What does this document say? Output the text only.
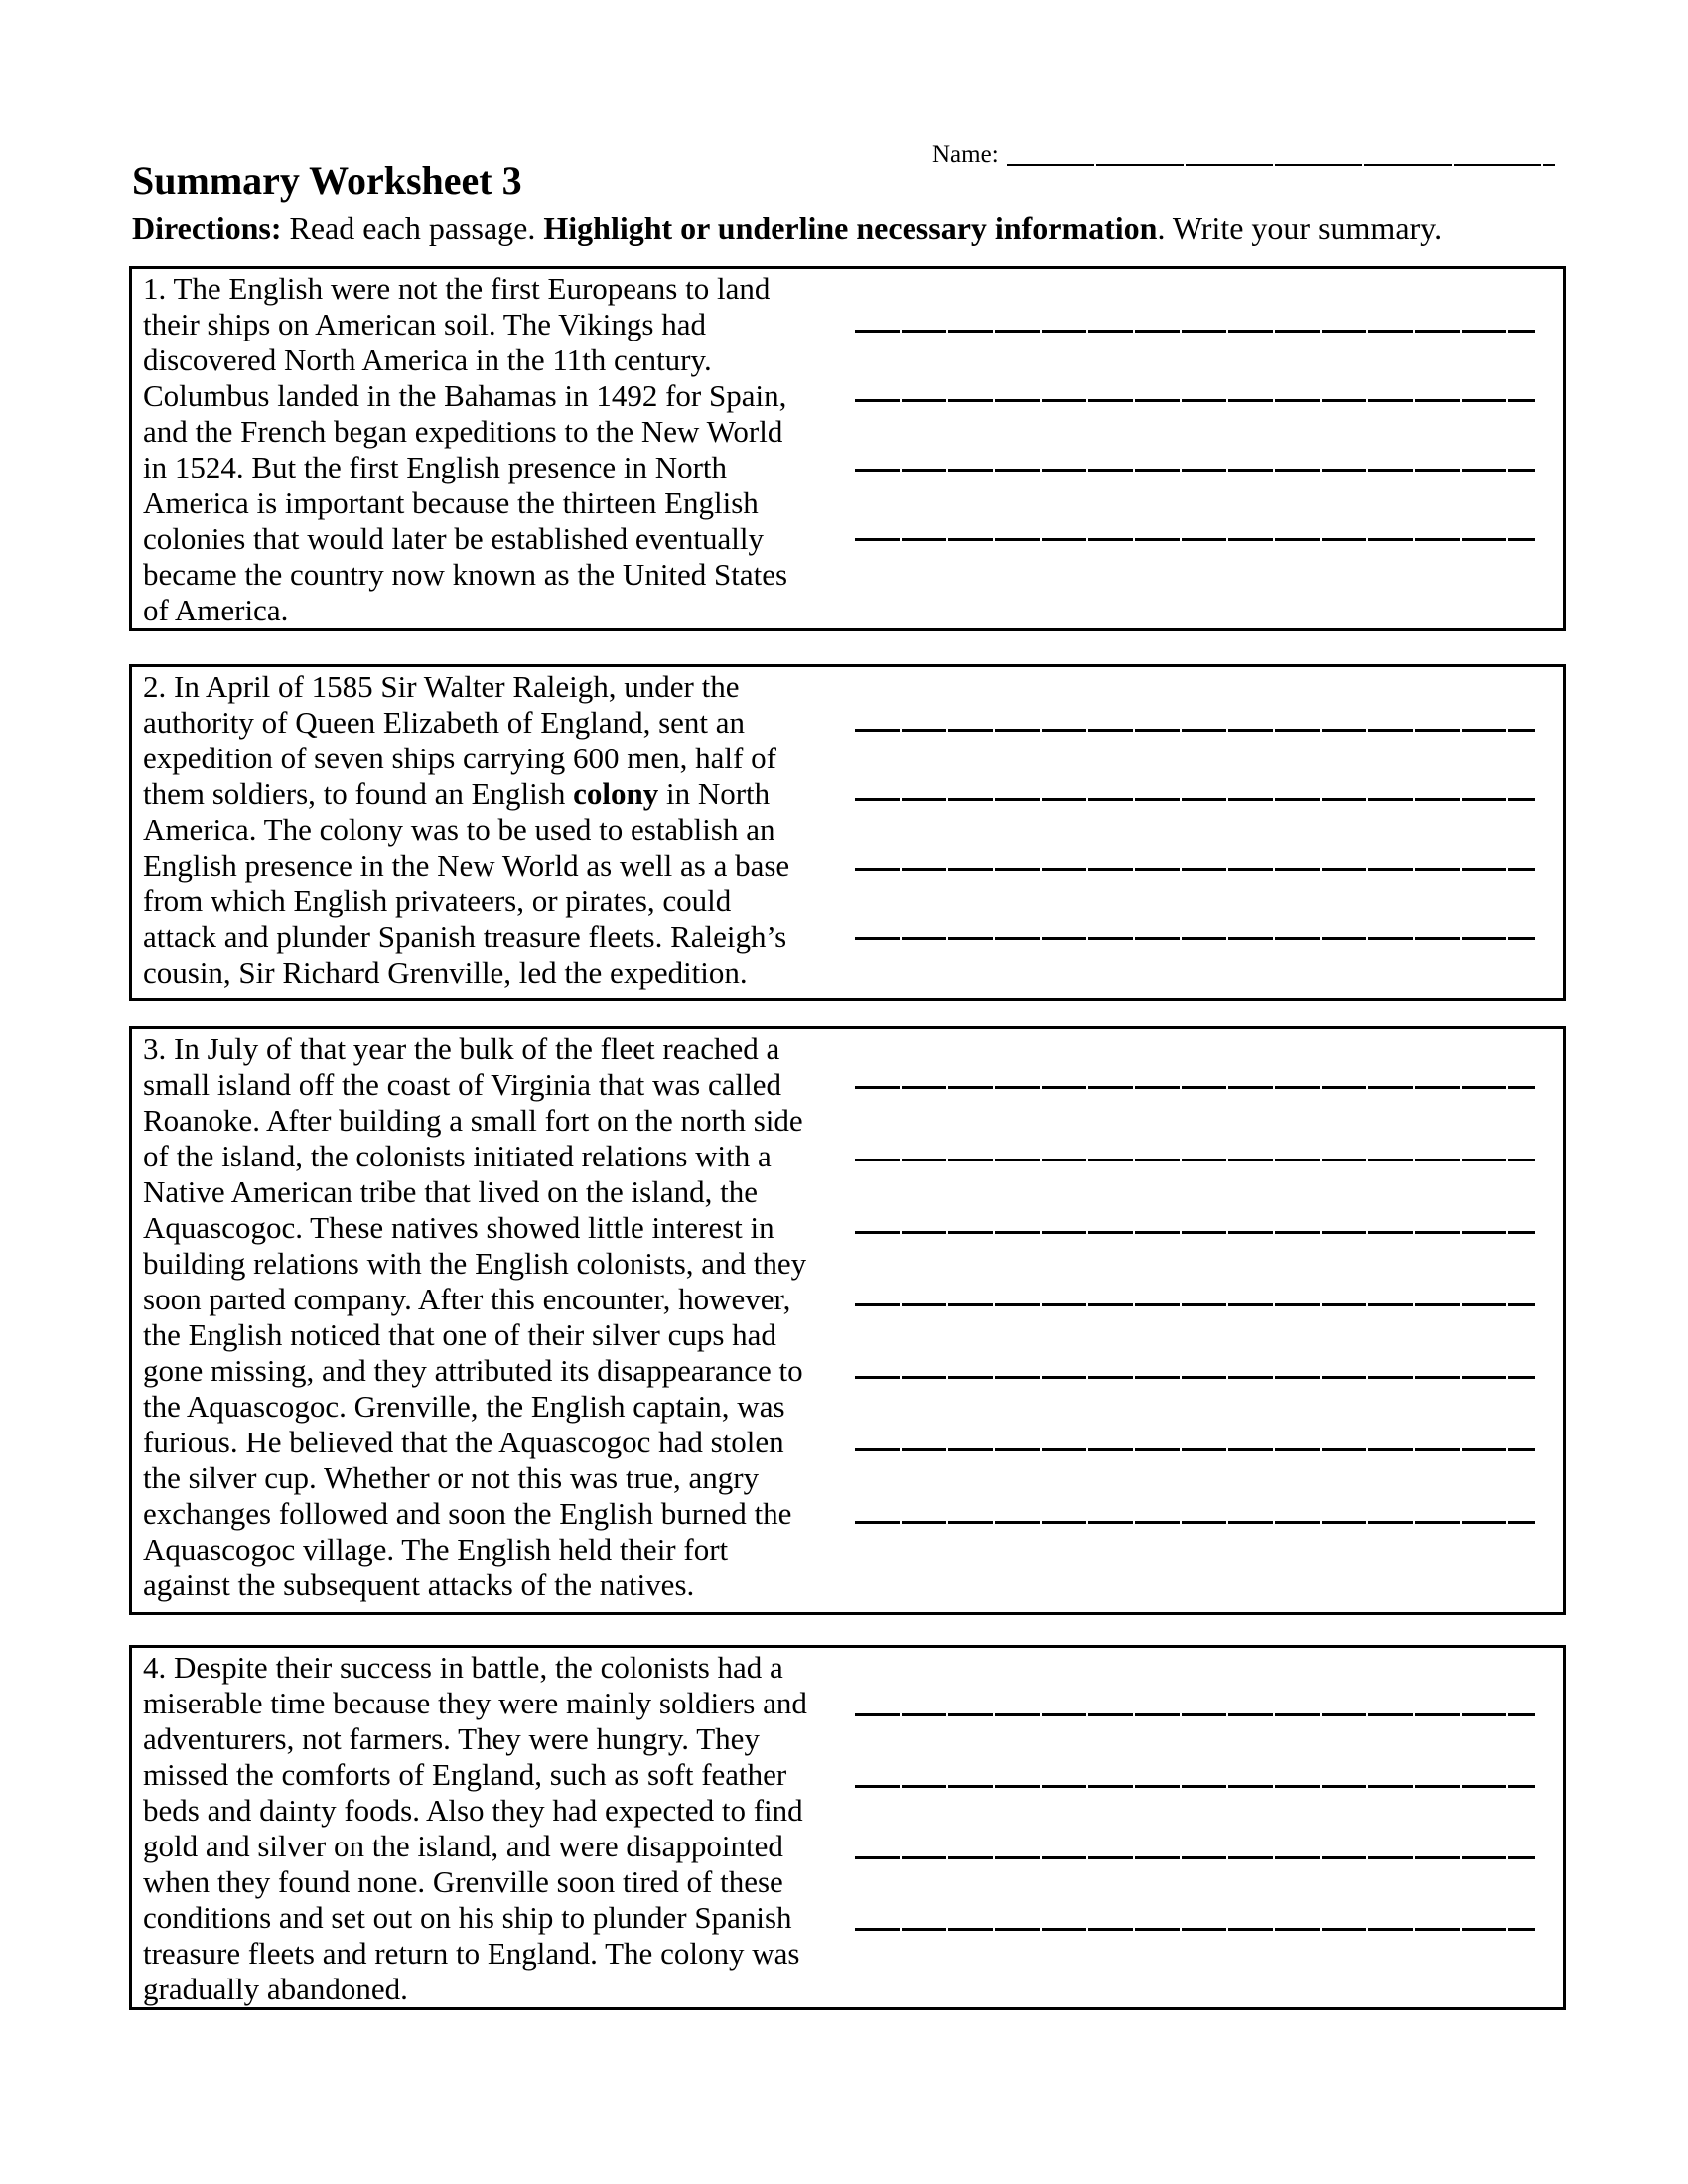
Name:
Summary Worksheet 3

Directions: Read each passage. Highlight or underline necessary information. Write your summary.

1. The English were not the first Europeans to land
their ships on American soil. The Vikings had
discovered North America in the 11th century.
Columbus landed in the Bahamas in 1492 for Spain,
and the French began expeditions to the New World
in 1524. But the first English presence in North
America is important because the thirteen English
colonies that would later be established eventually
became the country now known as the United States
of America.
2. In April of 1585 Sir Walter Raleigh, under the
authority of Queen Elizabeth of England, sent an
expedition of seven ships carrying 600 men, half of
them soldiers, to found an English colony in North
America. The colony was to be used to establish an
English presence in the New World as well as a base
from which English privateers, or pirates, could
attack and plunder Spanish treasure fleets. Raleigh’s
cousin, Sir Richard Grenville, led the expedition.
3. In July of that year the bulk of the fleet reached a
small island off the coast of Virginia that was called
Roanoke. After building a small fort on the north side
of the island, the colonists initiated relations with a
Native American tribe that lived on the island, the
Aquascogoc. These natives showed little interest in
building relations with the English colonists, and they
soon parted company. After this encounter, however,
the English noticed that one of their silver cups had
gone missing, and they attributed its disappearance to
the Aquascogoc. Grenville, the English captain, was
furious. He believed that the Aquascogoc had stolen
the silver cup. Whether or not this was true, angry
exchanges followed and soon the English burned the
Aquascogoc village. The English held their fort
against the subsequent attacks of the natives.
4. Despite their success in battle, the colonists had a
miserable time because they were mainly soldiers and
adventurers, not farmers. They were hungry. They
missed the comforts of England, such as soft feather
beds and dainty foods. Also they had expected to find
gold and silver on the island, and were disappointed
when they found none. Grenville soon tired of these
conditions and set out on his ship to plunder Spanish
treasure fleets and return to England. The colony was
gradually abandoned.
